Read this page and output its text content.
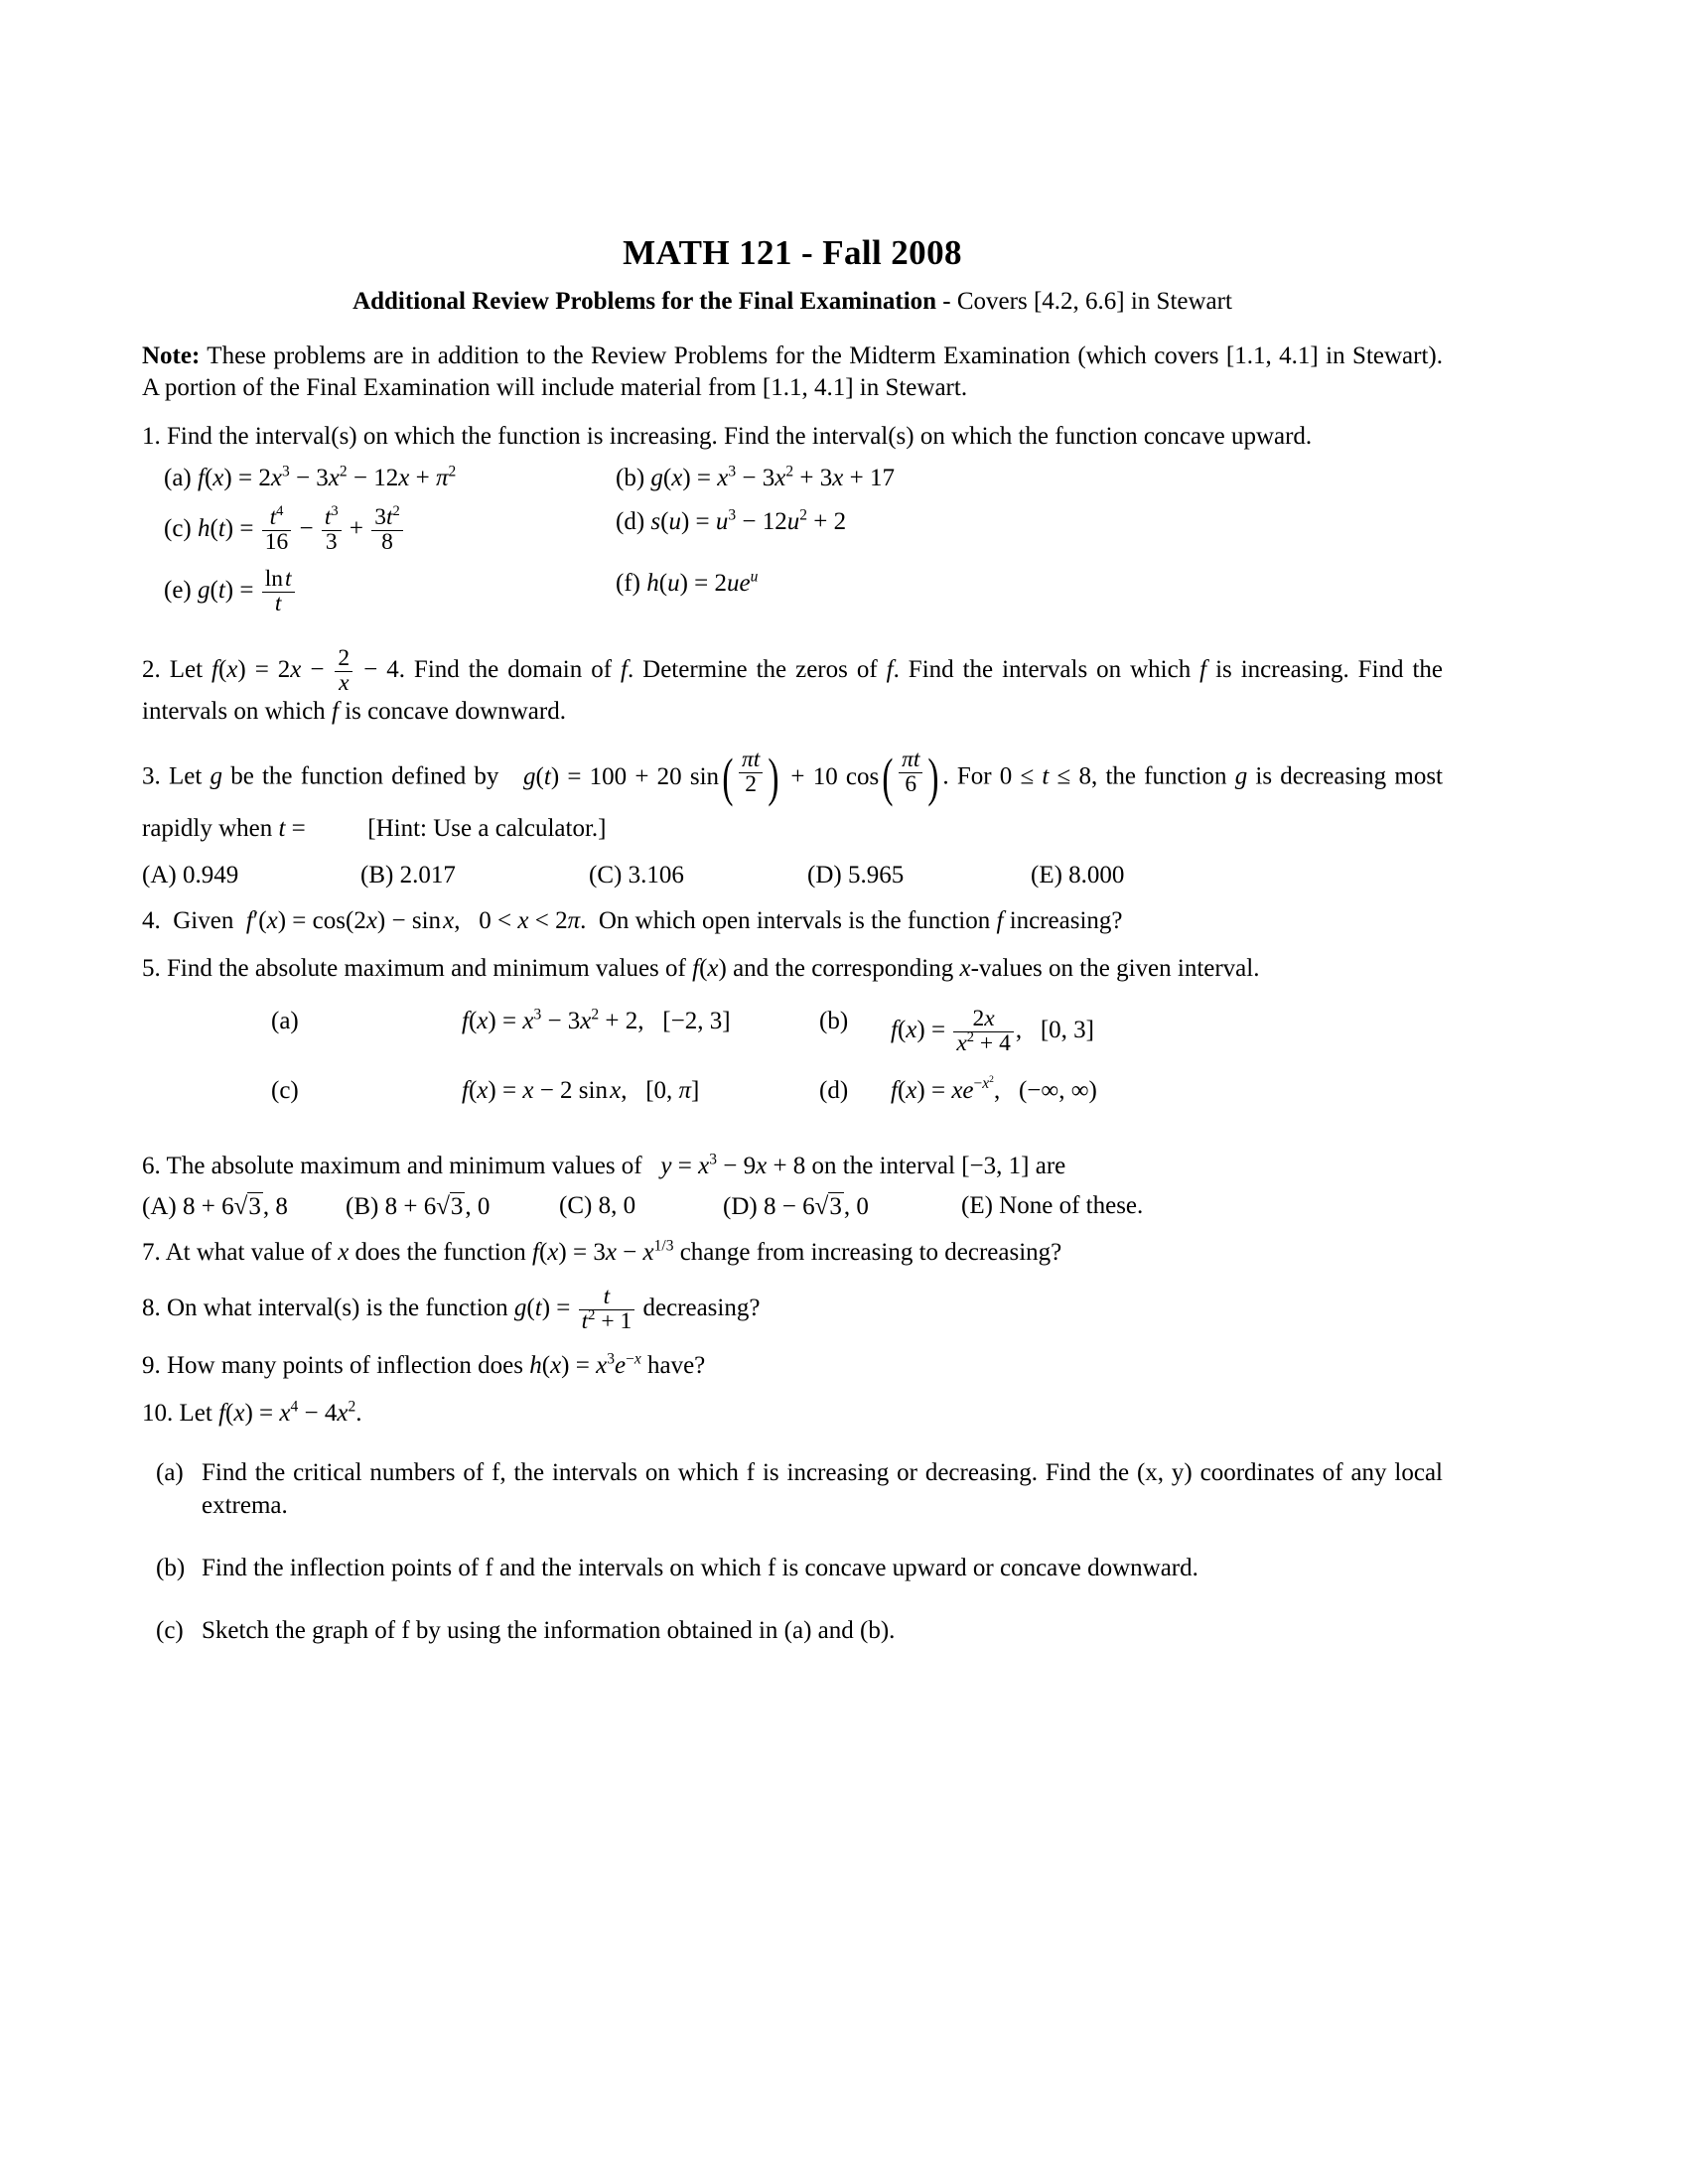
MATH 121 - Fall 2008
Additional Review Problems for the Final Examination - Covers [4.2, 6.6] in Stewart

Note: These problems are in addition to the Review Problems for the Midterm Examination (which covers [1.1, 4.1] in Stewart). A portion of the Final Examination will include material from [1.1, 4.1] in Stewart.

1. Find the interval(s) on which the function is increasing. Find the interval(s) on which the function concave upward.

(a) $f(x) = 2x^3 - 3x^2 - 12x + \pi^2$	(b) $g(x) = x^3 - 3x^2 + 3x + 17$
(c) $h(t) = \frac{t^4}{16} - \frac{t^3}{3} + \frac{3t^2}{8}$	(d) $s(u) = u^3 - 12u^2 + 2$
(e) $g(t) = \frac{\text{ln t}}{t}$	(f) $h(u) = 2ue^u$

2. Let $f(x) = 2x - \frac{2}{x} - 4$. Find the domain of f. Determine the zeros of f. Find the intervals on which f is increasing. Find the intervals on which f is concave downward.

3. Let g be the function defined by   g(t) = 100 + 20 $\sin( \frac{\pi t}{2}$ ) + 10 $\cos( \frac{\pi t}{6}$ ) . For 0 ≤ t ≤ 8, the function g is decreasing most rapidly when t =	[Hint: Use a calculator.]

(A) 0.949	(B) 2.017	(C) 3.106	(D) 5.965	(E) 8.000

4.  Given  f′(x) = cos(2x) − sin x, 0 < x < 2π.  On which open intervals is the function f increasing?

5. Find the absolute maximum and minimum values of f(x) and the corresponding x-values on the given interval.

(a)	$f(x) = x^3 - 3x^2 + 2$, [−2, 3]	(b)	$f(x) = \frac{2x}{x^2 + 4}$ , [0, 3]
(c)	f(x) = x − 2 sin x, [0, π]	(d)	$f(x) = xe^{-x^2}$, (−∞, ∞)

6. The absolute maximum and minimum values of   $y = x^3 - 9x + 8$ on the interval [−3, 1] are

(A) 8 + 6√3, 8	(B) 8 + 6√3, 0	(C) 8, 0	(D) 8 − 6√3, 0	(E) None of these.

7. At what value of x does the function $f(x) = 3x - x^{1/3}$ change from increasing to decreasing?

8. On what interval(s) is the function $g(t) = \frac{t}{t^2 + 1}$ decreasing?

9. How many points of inflection does $h(x) = x^3e^{-x}$ have?

10. Let $f(x) = x^4 - 4x^2$.

(a) Find the critical numbers of f, the intervals on which f is increasing or decreasing. Find the (x, y) coordinates of any local extrema.
(b) Find the inflection points of f and the intervals on which f is concave upward or concave downward.
(c) Sketch the graph of f by using the information obtained in (a) and (b).
